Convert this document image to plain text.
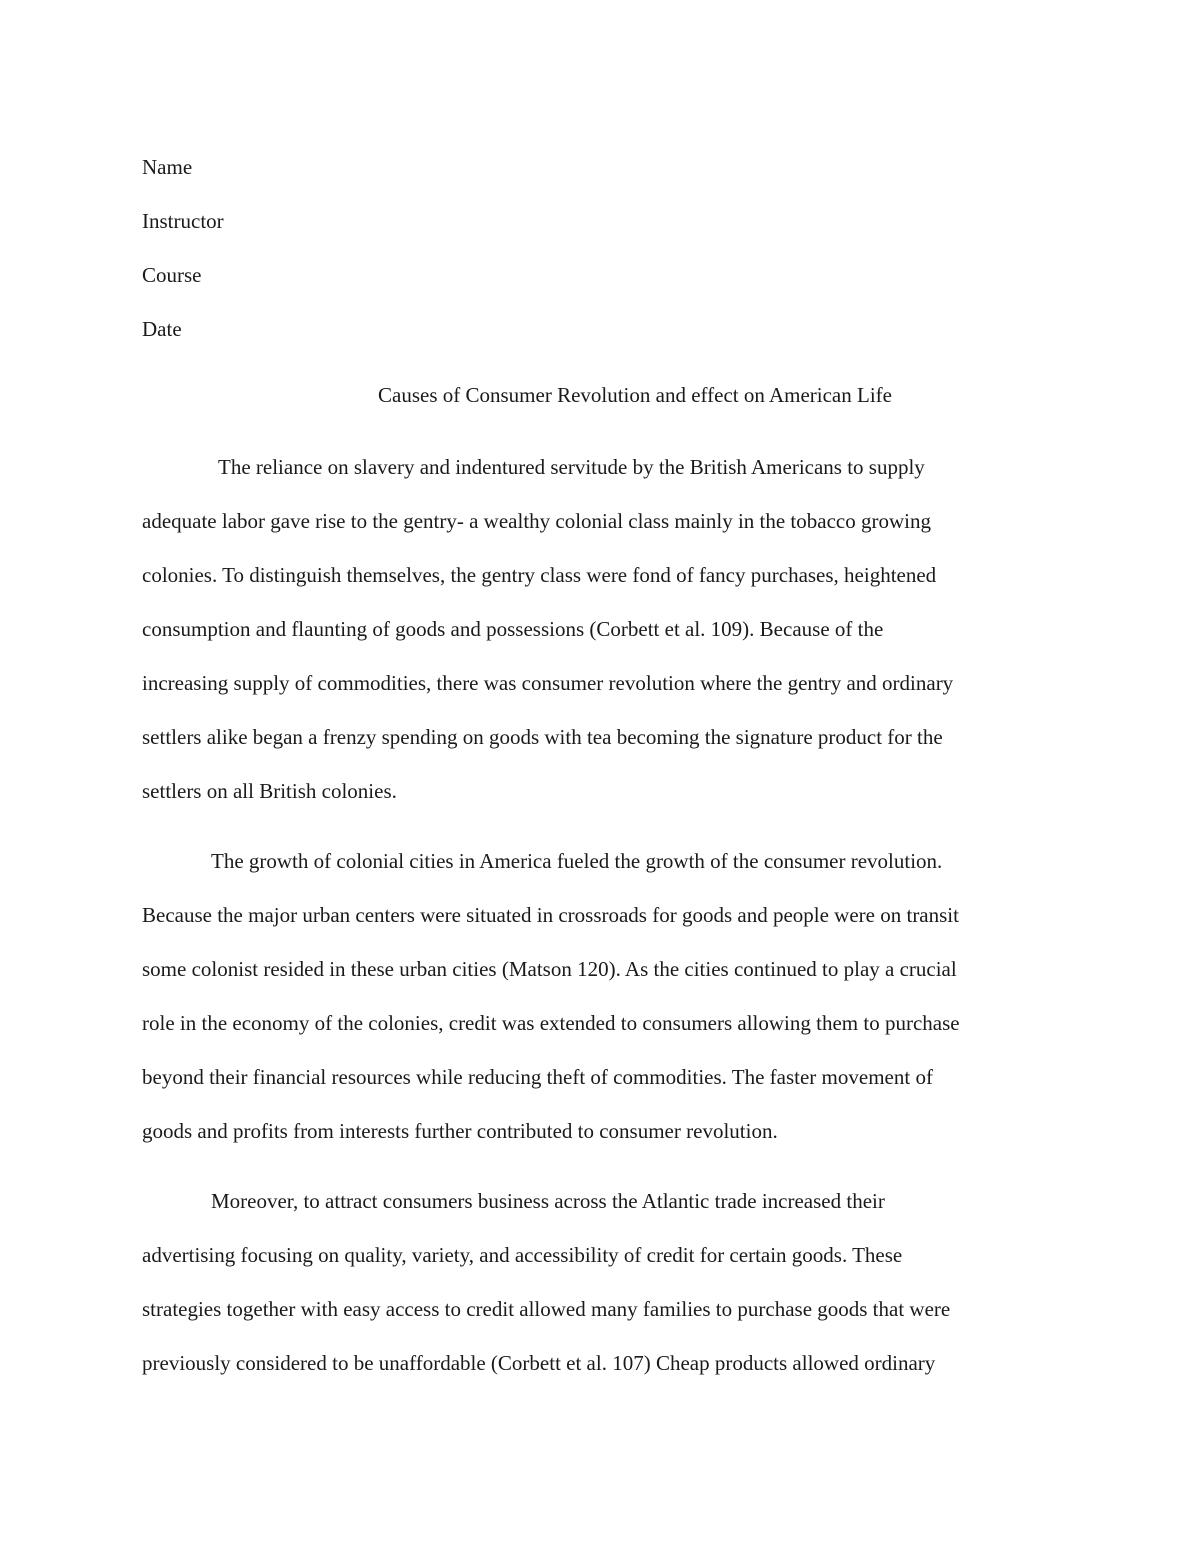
Name
Instructor
Course
Date
Causes of Consumer Revolution and effect on American Life
The reliance on slavery and indentured servitude by the British Americans to supply
adequate labor gave rise to the gentry- a wealthy colonial class mainly in the tobacco growing
colonies. To distinguish themselves, the gentry class were fond of fancy purchases, heightened
consumption and flaunting of goods and possessions (Corbett et al. 109). Because of the
increasing supply of commodities, there was consumer revolution where the gentry and ordinary
settlers alike began a frenzy spending on goods with tea becoming the signature product for the
settlers on all British colonies.
The growth of colonial cities in America fueled the growth of the consumer revolution.
Because the major urban centers were situated in crossroads for goods and people were on transit
some colonist resided in these urban cities (Matson 120). As the cities continued to play a crucial
role in the economy of the colonies, credit was extended to consumers allowing them to purchase
beyond their financial resources while reducing theft of commodities. The faster movement of
goods and profits from interests further contributed to consumer revolution.
Moreover, to attract consumers business across the Atlantic trade increased their
advertising focusing on quality, variety, and accessibility of credit for certain goods. These
strategies together with easy access to credit allowed many families to purchase goods that were
previously considered to be unaffordable (Corbett et al. 107) Cheap products allowed ordinary
